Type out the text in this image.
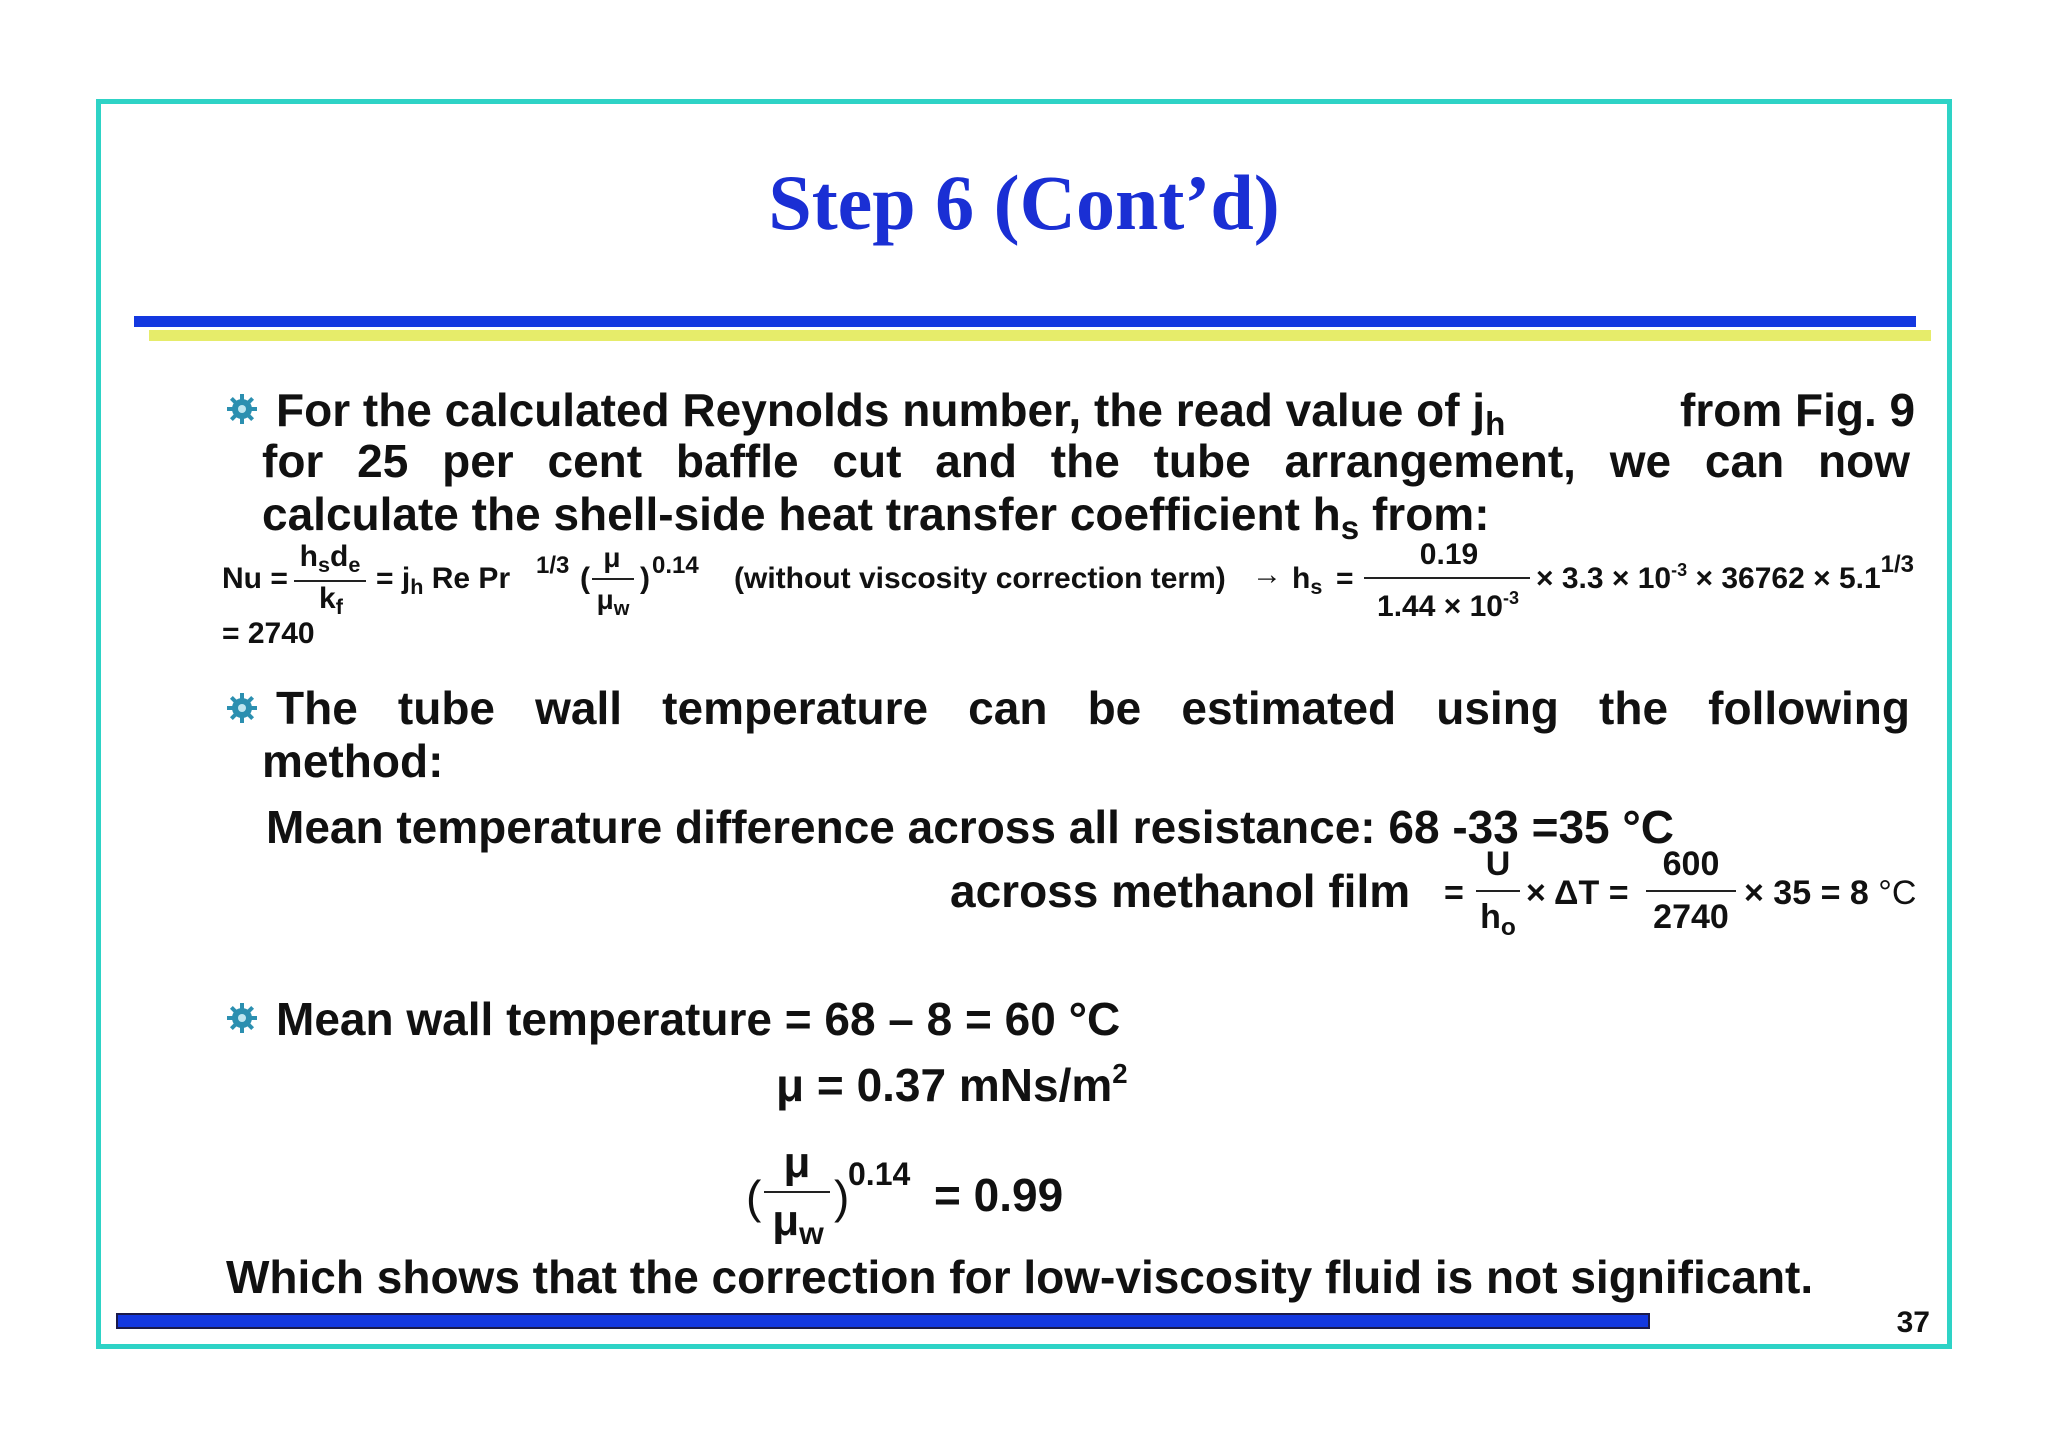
Step 6 (Cont’d)
For the calculated Reynolds number, the read value of $j_h$	from Fig. 9
for 25 per cent baffle cut and the tube arrangement, we can now
calculate the shell-side heat transfer coefficient $h_s$ from:
Nu =
$h_sd_e$
$k_f$
= $j_h$ Re Pr 1/3 (
μ
$\mu_w$
) 0.14 (without viscosity correction term) → $h_s$ =
0.19
$1.44 \times 10^{-3}$
× $3.3 \times 10^{-3} \times 36762 \times 5.1^{1/3}$
= 2740
The tube wall temperature can be estimated using the following
method:
Mean temperature difference across all resistance: 68 -33 =35 °C
across methanol film =
U
$h_o$
× ΔT =
600
2740
× 35 = 8 °C
Mean wall temperature = 68 – 8 = 60 °C
μ = 0.37 mNs/$m^2$
(
μ
$\mu_w$
)
0.14 = 0.99
Which shows that the correction for low-viscosity fluid is not significant.
37
